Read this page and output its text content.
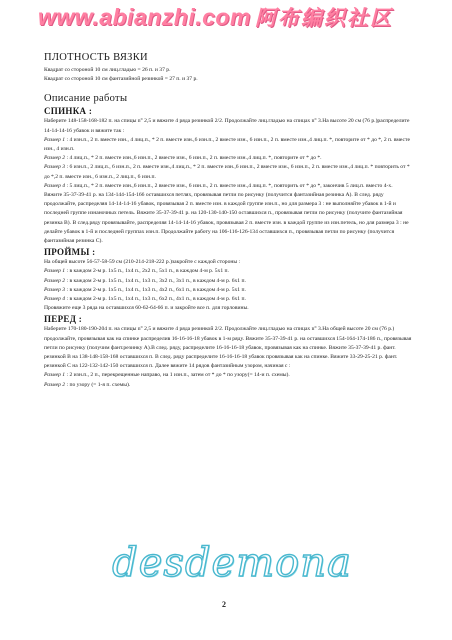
www.abianzhi.com 阿布编织社区
ПЛОТНОСТЬ ВЯЗКИ

Квадрат со стороной 10 см лиц.гладью = 26 п. и 37 р.

Квадрат со стороной 10 см фантазийной резинкой = 27 п. и 37 р.

Описание работы
СПИНКА :

Наберите 148-158-168-182 п. на спицы n° 2,5 и вяжите 4 ряда резинкой 2/2. Продолжайте лиц.гладью на спицах n° 3.На высоте 20 см (76 р.)распределите 14-14-14-16 убавок и вяжите так :

Размер 1 : 4 изн.п., 2 п. вместе изн., 4 лиц.п., * 2 п. вместе изн.,6 изн.п., 2 вместе изн., 6 изн.п., 2 п. вместе изн.,4 лиц.п. *, повторите от * до *, 2 п. вместе изн., 4 изн.п.

Размер 2 : 4 лиц.п., * 2 п. вместе изн.,6 изн.п., 2 вместе изн., 6 изн.п., 2 п. вместе изн.,4 лиц.п. *, повторите от * до *.

Размер 3 : 6 изн.п., 2 лиц.п., 6 изн.п., 2 п. вместе изн.,4 лиц.п., * 2 п. вместе изн.,6 изн.п., 2 вместе изн., 6 изн.п., 2 п. вместе изн.,4 лиц.п. * повторить от * до *,2 п. вместе изн., 6 изн.п., 2 лиц.п., 6 изн.п.

Размер 4 : 5 лиц.п., * 2 п. вместе изн.,6 изн.п., 2 вместе изн., 6 изн.п., 2 п. вместе изн.,4 лиц.п. *, повторить от * до *, закончив 5 лиц.п. вместо 4-х.

Вяжите 35-37-39-41 р. на 134-144-154-166 оставшихся петлях, провязывая петли по рисунку (получится фантазийная резинка A). В след. ряду продолжайте, распределяя 14-14-14-16 убавок, провязывая 2 п. вместе изн. в каждой группе изн.п., но для размера 3 : не выполняйте убавок в 1-й и последней группе изнаночных петель. Вяжите 35-37-39-41 р. на 120-130-140-150 оставшихся п., провязывая петли по рисунку (получите фантазийная резинка B). В след.ряду провязывайте, распределяя 14-14-14-16 убавок, провязывая 2 п. вместе изн. в каждой группе из изн.петель, но для размера 3 : не делайте убавок в 1-й и последней группах изн.п. Продолжайте работу на 106-116-126-134 оставшихся п., провязывая петли по рисунку (получится фантазийная резинка C).

ПРОЙМЫ :

На общей высоте 56-57-58-59 см (210-214-218-222 р.)закройте с каждой стороны :

Размер 1 : в каждом 2-м р. 1х5 п., 1х4 п., 2х2 п., 5х1 п., в каждом 4-м р. 5х1 п.

Размер 2 : в каждом 2-м р. 1х5 п., 1х4 п., 1х3 п., 3х2 п., 3х1 п., в каждом 4-м р. 6х1 п.

Размер 3 : в каждом 2-м р. 1х5 п., 1х4 п., 1х3 п., 4х2 п., 6х1 п., в каждом 4-м р. 5х1 п.

Размер 4 : в каждом 2-м р. 1х5 п., 1х4 п., 1х3 п., 6х2 п., 4х1 п., в каждом 4-м р. 6х1 п.

Провяжите еще 3 ряда на оставшихся 60-62-64-66 п. и закройте все п. для горловины.

ПЕРЕД :

Наберите 170-180-190-204 п. на спицы n° 2,5 и вяжите 4 ряда резинкой 2/2. Продолжайте лиц.гладью на спицах n° 3.На общей высоте 20 см (76 р.) продолжайте, провязывая как на спинке распределив 16-16-16-18 убавок в 1-м ряду. Вяжите 35-37-39-41 р. на оставшихся 154-164-174-186 п., провязывая петли по рисунку (получим фант.резинку A).В след. ряду, распределите 16-16-16-18 убавок, провязывая как на спинке. Вяжите 35-37-39-41 р. фант. резинкой B на 138-148-158-168 оставшихся п. В след. ряду распределите 16-16-16-18 убавок провязывая как на спинке. Вяжите 33-29-25-21 р. фант. резинкой C на 122-132-142-150 оставшихся п. Далее вяжите 14 рядов фантазийным узором, начиная с :

Размер 1 : 2 изн.п., 2 п., перекрещенные направо, на 1 изн.п., затем от * до * по узору(= 14-и п. схемы).

Размер 2 : по узору (= 1-я п. схемы).

desdemona
2
